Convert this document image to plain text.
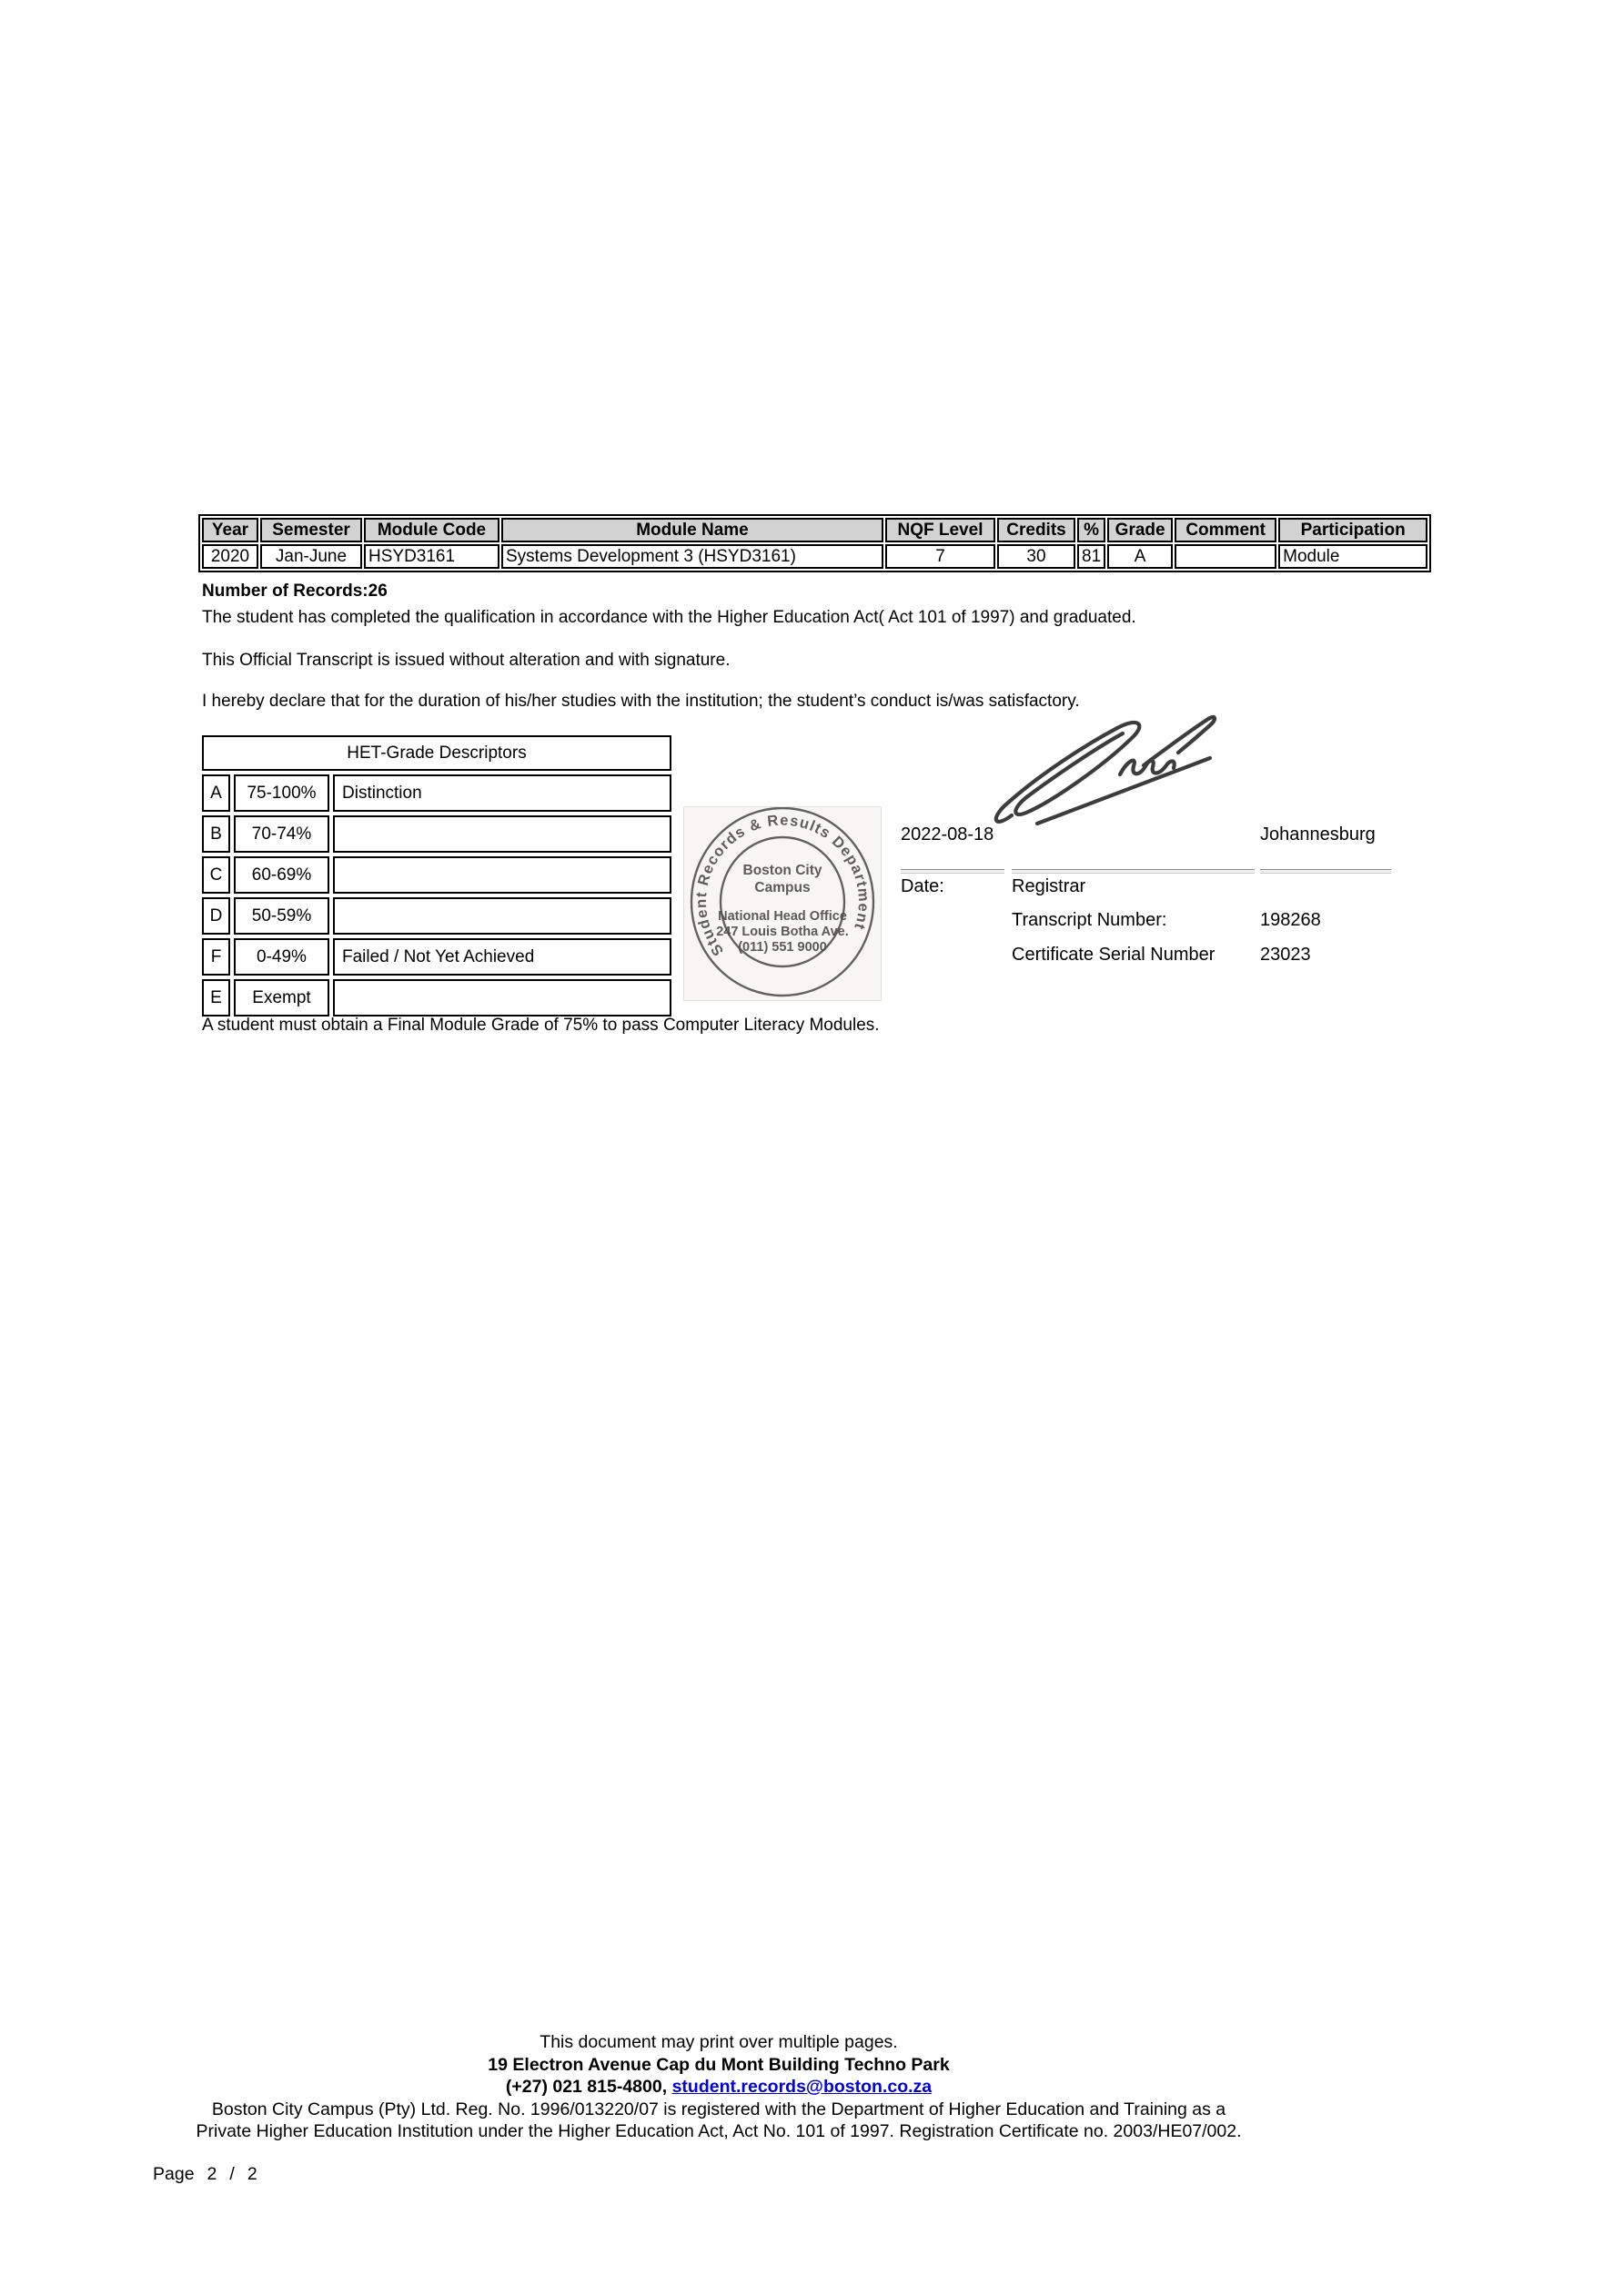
Year	Semester	Module Code	Module Name	NQF Level	Credits	%	Grade	Comment	Participation
2020	Jan-June	HSYD3161	Systems Development 3 (HSYD3161)	7	30	81	A		Module
Number of Records:26
The student has completed the qualification in accordance with the Higher Education Act( Act 101 of 1997) and graduated.
This Official Transcript is issued without alteration and with signature.
I hereby declare that for the duration of his/her studies with the institution; the student’s conduct is/was satisfactory.
HET-Grade Descriptors		
A	75-100%	Distinction
B	70-74%	
C	60-69%	
D	50-59%	
F	0-49%	Failed / Not Yet Achieved
E	Exempt	
A student must obtain a Final Module Grade of 75% to pass Computer Literacy Modules.
Student Records & Results Department
Boston City
Campus
National Head Office
247 Louis Botha Ave.
(011) 551 9000
2022-08-18	Johannesburg
Date:	Registrar
Transcript Number:	198268
Certificate Serial Number 23023
This document may print over multiple pages.
19 Electron Avenue Cap du Mont Building Techno Park
(+27) 021 815-4800, student.records@boston.co.za
Boston City Campus (Pty) Ltd. Reg. No. 1996/013220/07 is registered with the Department of Higher Education and Training as a
Private Higher Education Institution under the Higher Education Act, Act No. 101 of 1997. Registration Certificate no. 2003/HE07/002.
Page 2 / 2
